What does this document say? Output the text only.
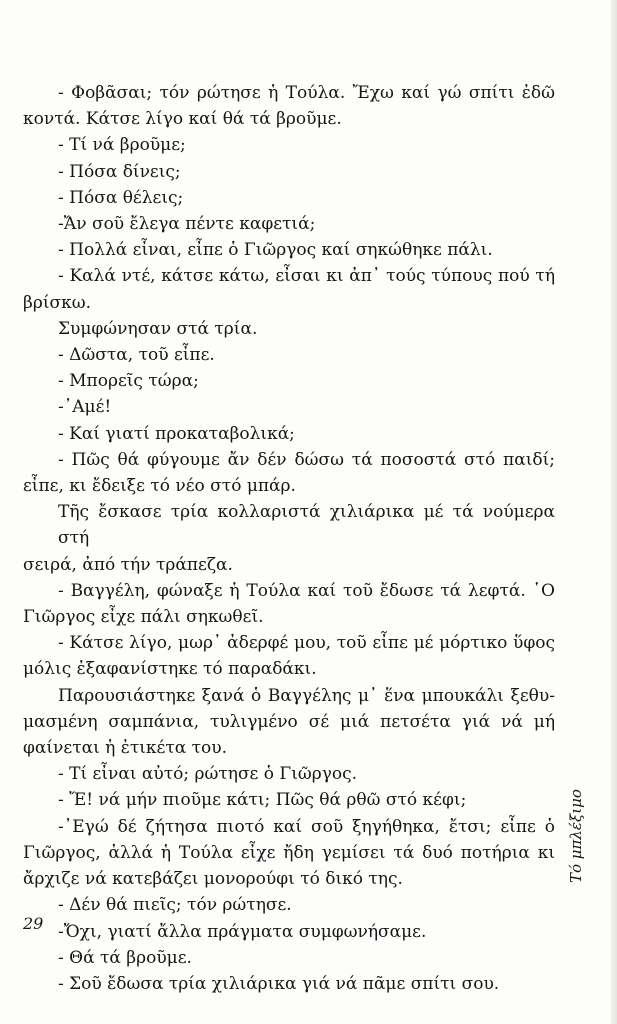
- Φοβᾶσαι; τόν ρώτησε ἡ Τούλα. Ἔχω καί γώ σπίτι ἐδῶ
κοντά. Κάτσε λίγο καί θά τά βροῦμε.
- Τί νά βροῦμε;
- Πόσα δίνεις;
- Πόσα θέλεις;
-Ἄν σοῦ ἔλεγα πέντε καφετιά;
- Πολλά εἶναι, εἶπε ὁ Γιῶργος καί σηκώθηκε πάλι.
- Καλά ντέ, κάτσε κάτω, εἶσαι κι ἀπ᾿ τούς τύπους πού τή
βρίσκω.
Συμφώνησαν στά τρία.
- Δῶστα, τοῦ εἶπε.
- Μπορεῖς τώρα;
-᾿Αμέ!
- Καί γιατί προκαταβολικά;
- Πῶς θά φύγουμε ἄν δέν δώσω τά ποσοστά στό παιδί;
εἶπε, κι ἔδειξε τό νέο στό μπάρ.
Τῆς ἔσκασε τρία κολλαριστά χιλιάρικα μέ τά νούμερα στή
σειρά, ἀπό τήν τράπεζα.
- Βαγγέλη, φώναξε ἡ Τούλα καί τοῦ ἔδωσε τά λεφτά. ῾Ο
Γιῶργος εἶχε πάλι σηκωθεῖ.
- Κάτσε λίγο, μωρ᾿ ἀδερφέ μου, τοῦ εἶπε μέ μόρτικο ὕφος
μόλις ἐξαφανίστηκε τό παραδάκι.
Παρουσιάστηκε ξανά ὁ Βαγγέλης μ᾿ ἕνα μπουκάλι ξεθυ-
μασμένη σαμπάνια, τυλιγμένο σέ μιά πετσέτα γιά νά μή
φαίνεται ἡ ἐτικέτα του.
- Τί εἶναι αὐτό; ρώτησε ὁ Γιῶργος.
- Ἔ! νά μήν πιοῦμε κάτι; Πῶς θά ρθῶ στό κέφι;
-᾿Εγώ δέ ζήτησα πιοτό καί σοῦ ξηγήθηκα, ἔτσι; εἶπε ὁ
Γιῶργος, ἀλλά ἡ Τούλα εἶχε ἤδη γεμίσει τά δυό ποτήρια κι
ἄρχιζε νά κατεβάζει μονορούφι τό δικό της.
- Δέν θά πιεῖς; τόν ρώτησε.
-Ὄχι, γιατί ἄλλα πράγματα συμφωνήσαμε.
- Θά τά βροῦμε.
- Σοῦ ἔδωσα τρία χιλιάρικα γιά νά πᾶμε σπίτι σου.
29
Τό μπλέξιμο
